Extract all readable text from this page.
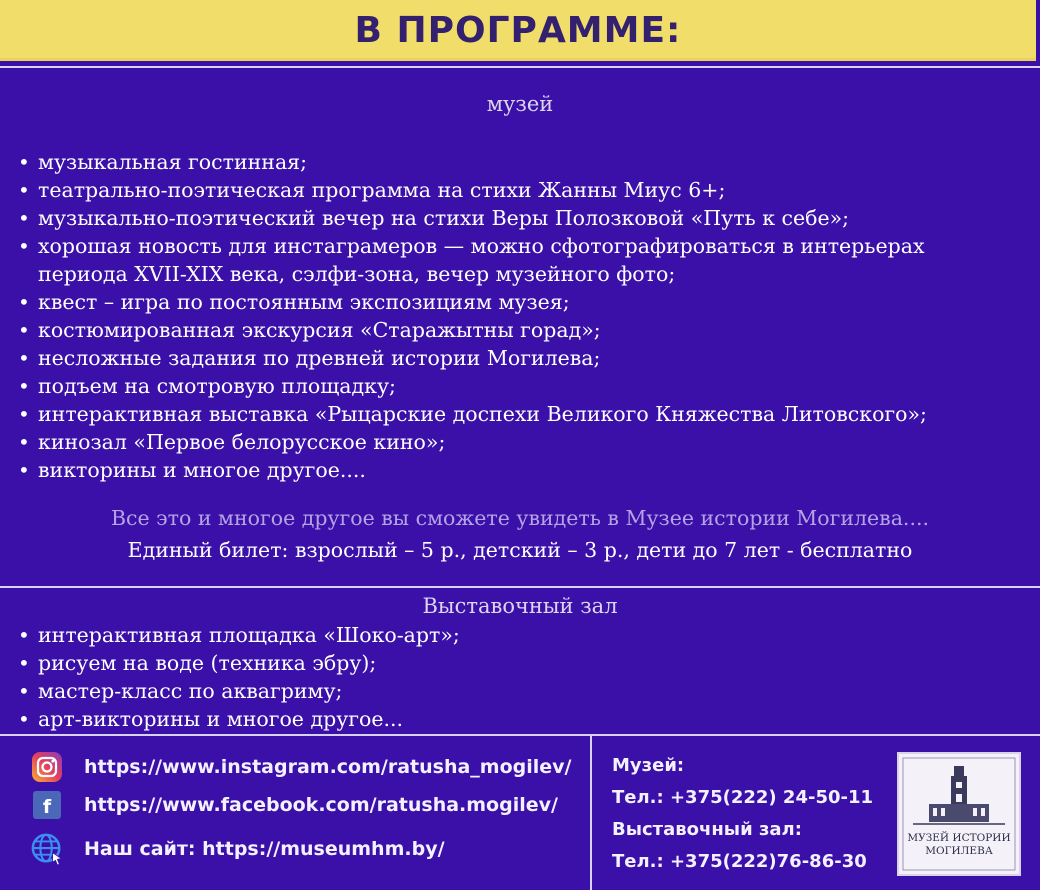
В ПРОГРАММЕ:
музей
• музыкальная гостинная;
• театрально-поэтическая программа на стихи Жанны Миус 6+;
• музыкально-поэтический вечер на стихи Веры Полозковой «Путь к себе»;
• хорошая новость для инстаграмеров — можно сфотографироваться в интерьерах периода XVII-XIX века, сэлфи-зона, вечер музейного фото;
• квест – игра по постоянным экспозициям музея;
• костюмированная экскурсия «Старажытны горад»;
• несложные задания по древней истории Могилева;
• подъем на смотровую площадку;
• интерактивная выставка «Рыцарские доспехи Великого Княжества Литовского»;
• кинозал «Первое белорусское кино»;
• викторины и многое другое....
Все это и многое другое вы сможете увидеть в Музее истории Могилева....
Единый билет: взрослый – 5 р., детский – 3 р., дети до 7 лет - бесплатно
Выставочный зал
• интерактивная площадка «Шоко-арт»;
• рисуем на воде (техника эбру);
• мастер-класс по аквагриму;
• арт-викторины и многое другое...
https://www.instagram.com/ratusha_mogilev/
f https://www.facebook.com/ratusha.mogilev/
Наш сайт: https://museumhm.by/
Музей:
Тел.: +375(222) 24-50-11
Выставочный зал:
Тел.: +375(222)76-86-30
МУЗЕЙ ИСТОРИИ
МОГИЛЕВА
